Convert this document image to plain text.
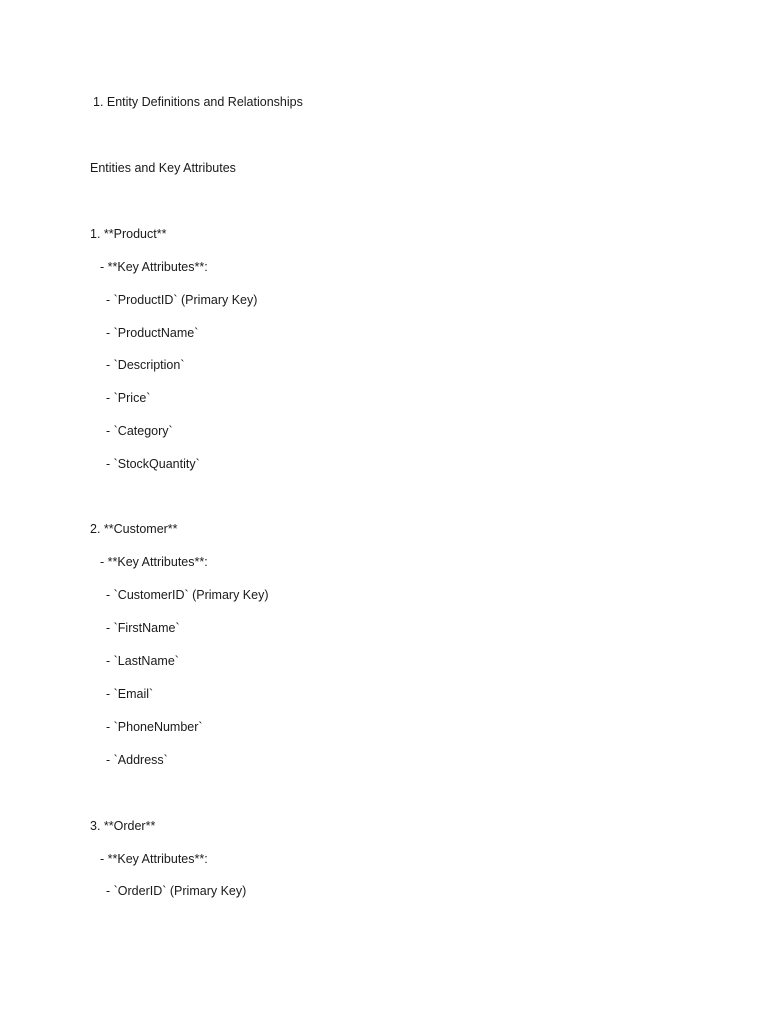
1. Entity Definitions and Relationships
Entities and Key Attributes
1. **Product**
- **Key Attributes**:
- `ProductID` (Primary Key)
- `ProductName`
- `Description`
- `Price`
- `Category`
- `StockQuantity`
2. **Customer**
- **Key Attributes**:
- `CustomerID` (Primary Key)
- `FirstName`
- `LastName`
- `Email`
- `PhoneNumber`
- `Address`
3. **Order**
- **Key Attributes**:
- `OrderID` (Primary Key)
